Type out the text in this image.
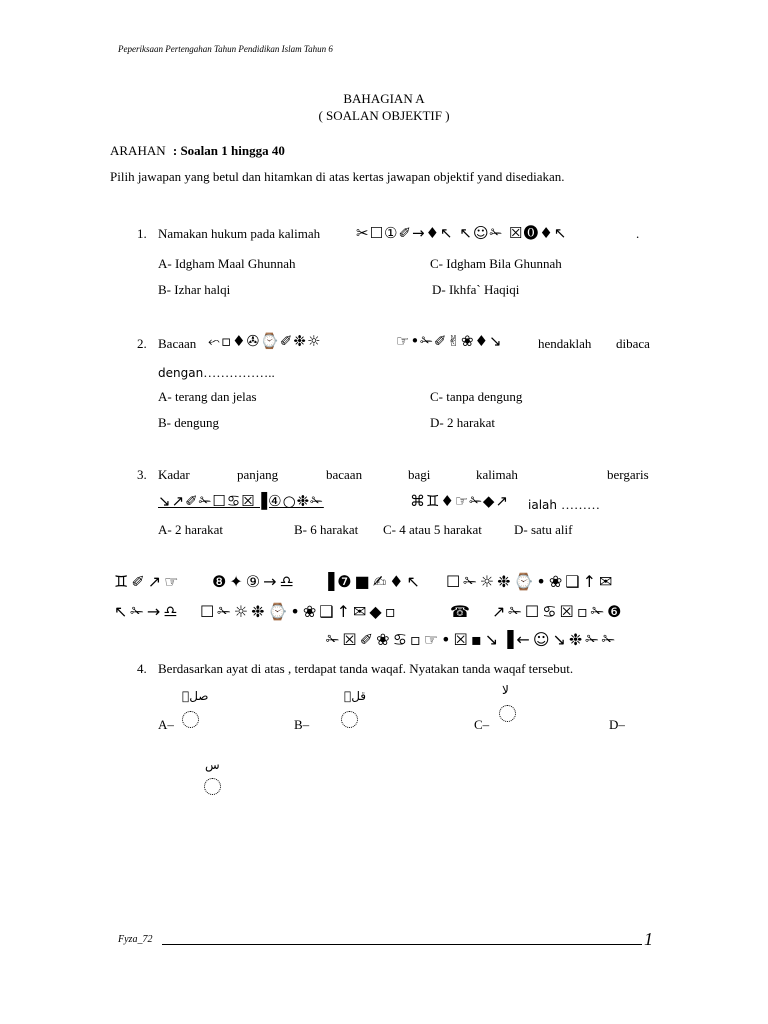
Peperiksaan Pertengahan Tahun Pendidikan Islam Tahun 6
BAHAGIAN A
( SOALAN OBJEKTIF )
ARAHAN : Soalan 1 hingga 40
Pilih jawapan yang betul dan hitamkan di atas kertas jawapan objektif yand disediakan.
1. Namakan hukum pada kalimah ✂☐①✐→♦↖ ↖☺✁ ☒⓿♦↖	.
A- Idgham Maal Ghunnah	C- Idgham Bila Ghunnah
B- Izhar halqi	D- Ikhfa` Haqiqi
2. Bacaan ⬿▫♦✇⌚✐❉☼	☞•✁✐✌❀♦↘	hendaklah dibaca
dengan……………..
A- terang dan jelas	C- tanpa dengung
B- dengung	D- 2 harakat
3. Kadar	panjang	bacaan	bagi	kalimah	bergaris
↘↗✐✁☐♋☒▐④○❉✁	⌘♊♦☞✁◆↗ ialah ………
A- 2 harakat	B- 6 harakat C- 4 atau 5 harakat D- satu alif
♊✐↗☞ ❽✦⑨→♎ ▐❼■✍♦↖ ☐✁☼❉⌚•❀❑↑✉
↖✁→♎ ☐✁☼❉⌚•❀❑↑✉◆▫	☎ ↗✁☐♋☒▫✁❻
✁☒✐❀♋▫☞•☒▪↘▐←☺↘❉✁✁
4. Berdasarkan ayat di atas , terdapat tanda waqaf. Nyatakan tanda waqaf tersebut.
صلۖ
A–
قلۗ
B–
لا
C–	D–
س
Fyza_72	1
